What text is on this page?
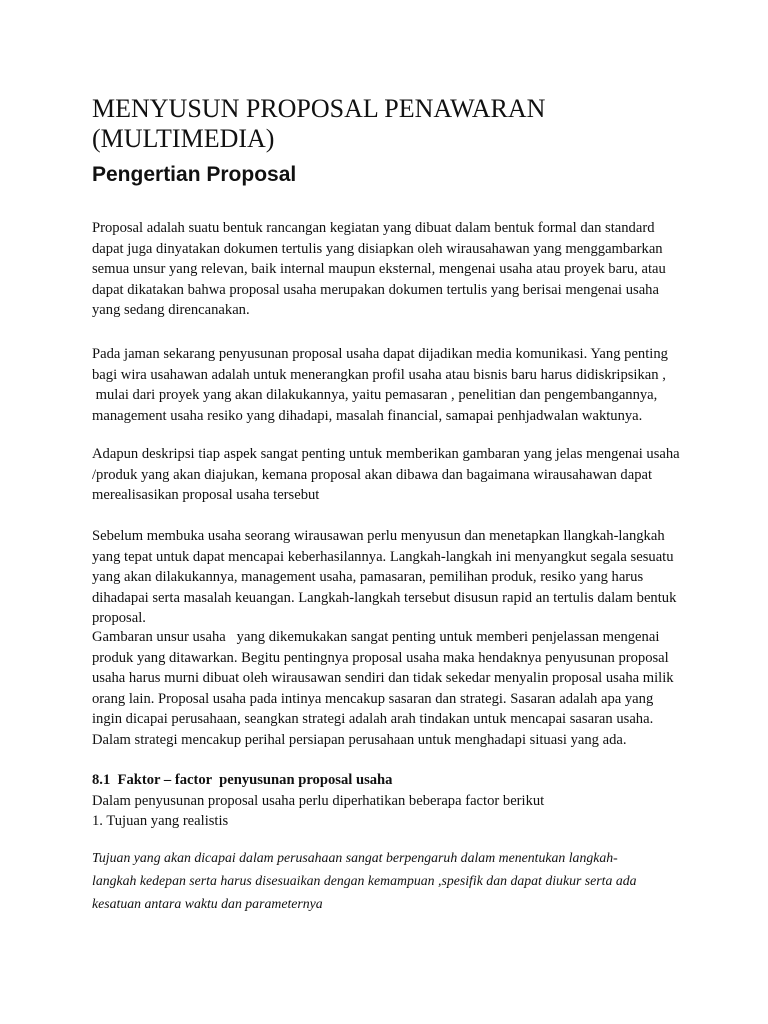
MENYUSUN PROPOSAL PENAWARAN
(MULTIMEDIA)
Pengertian Proposal

Proposal adalah suatu bentuk rancangan kegiatan yang dibuat dalam bentuk formal dan standard
dapat juga dinyatakan dokumen tertulis yang disiapkan oleh wirausahawan yang menggambarkan
semua unsur yang relevan, baik internal maupun eksternal, mengenai usaha atau proyek baru, atau
dapat dikatakan bahwa proposal usaha merupakan dokumen tertulis yang berisai mengenai usaha
yang sedang direncanakan.

Pada jaman sekarang penyusunan proposal usaha dapat dijadikan media komunikasi. Yang penting
bagi wira usahawan adalah untuk menerangkan profil usaha atau bisnis baru harus didiskripsikan ,
mulai dari proyek yang akan dilakukannya, yaitu pemasaran , penelitian dan pengembangannya,
management usaha resiko yang dihadapi, masalah financial, samapai penhjadwalan waktunya.

Adapun deskripsi tiap aspek sangat penting untuk memberikan gambaran yang jelas mengenai usaha
/produk yang akan diajukan, kemana proposal akan dibawa dan bagaimana wirausahawan dapat
merealisasikan proposal usaha tersebut

Sebelum membuka usaha seorang wirausawan perlu menyusun dan menetapkan llangkah-langkah
yang tepat untuk dapat mencapai keberhasilannya. Langkah-langkah ini menyangkut segala sesuatu
yang akan dilakukannya, management usaha, pamasaran, pemilihan produk, resiko yang harus
dihadapai serta masalah keuangan. Langkah-langkah tersebut disusun rapid an tertulis dalam bentuk
proposal.

Gambaran unsur usaha   yang dikemukakan sangat penting untuk memberi penjelassan mengenai
produk yang ditawarkan. Begitu pentingnya proposal usaha maka hendaknya penyusunan proposal
usaha harus murni dibuat oleh wirausawan sendiri dan tidak sekedar menyalin proposal usaha milik
orang lain. Proposal usaha pada intinya mencakup sasaran dan strategi. Sasaran adalah apa yang
ingin dicapai perusahaan, seangkan strategi adalah arah tindakan untuk mencapai sasaran usaha.
Dalam strategi mencakup perihal persiapan perusahaan untuk menghadapi situasi yang ada.

8.1  Faktor – factor  penyusunan proposal usaha
Dalam penyusunan proposal usaha perlu diperhatikan beberapa factor berikut
1. Tujuan yang realistis

Tujuan yang akan dicapai dalam perusahaan sangat berpengaruh dalam menentukan langkah-
langkah kedepan serta harus disesuaikan dengan kemampuan ,spesifik dan dapat diukur serta ada
kesatuan antara waktu dan parameternya
